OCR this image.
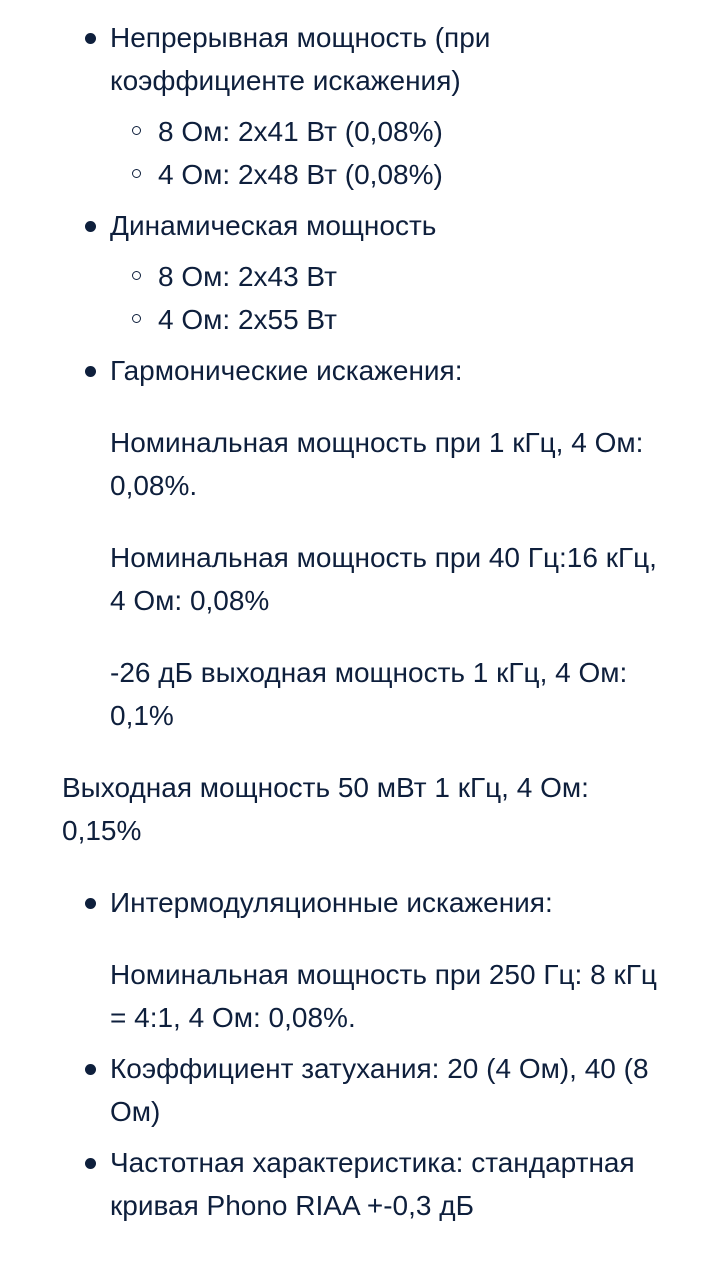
Непрерывная мощность (при коэффициенте искажения)
8 Ом: 2х41 Вт (0,08%)
4 Ом: 2х48 Вт (0,08%)
Динамическая мощность
8 Ом: 2х43 Вт
4 Ом: 2х55 Вт
Гармонические искажения:
Номинальная мощность при 1 кГц, 4 Ом: 0,08%.
Номинальная мощность при 40 Гц:16 кГц, 4 Ом: 0,08%
-26 дБ выходная мощность 1 кГц, 4 Ом: 0,1%
Выходная мощность 50 мВт 1 кГц, 4 Ом: 0,15%
Интермодуляционные искажения:
Номинальная мощность при 250 Гц: 8 кГц = 4:1, 4 Ом: 0,08%.
Коэффициент затухания: 20 (4 Ом), 40 (8 Ом)
Частотная характеристика: стандартная кривая Phono RIAA +-0,3 дБ
